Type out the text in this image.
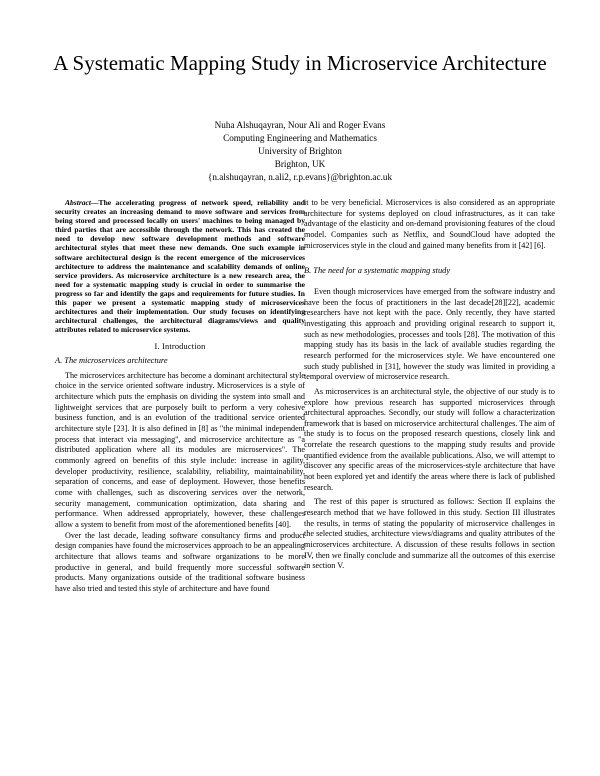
A Systematic Mapping Study in Microservice Architecture
Nuha Alshuqayran, Nour Ali and Roger Evans
Computing Engineering and Mathematics
University of Brighton
Brighton, UK
{n.alshuqayran, n.ali2, r.p.evans}@brighton.ac.uk

Abstract—The accelerating progress of network speed, reliability and security creates an increasing demand to move software and services from being stored and processed locally on users' machines to being managed by third parties that are accessible through the network. This has created the need to develop new software development methods and software architectural styles that meet these new demands. One such example in software architectural design is the recent emergence of the microservices architecture to address the maintenance and scalability demands of online service providers. As microservice architecture is a new research area, the need for a systematic mapping study is crucial in order to summarise the progress so far and identify the gaps and requirements for future studies. In this paper we present a systematic mapping study of microservices architectures and their implementation. Our study focuses on identifying architectural challenges, the architectural diagrams/views and quality attributes related to microservice systems.

I. Introduction

A. The microservices architecture

The microservices architecture has become a dominant architectural style choice in the service oriented software industry. Microservices is a style of architecture which puts the emphasis on dividing the system into small and lightweight services that are purposely built to perform a very cohesive business function, and is an evolution of the traditional service oriented architecture style [23]. It is also defined in [8] as "the minimal independent process that interact via messaging", and microservice architecture as "a distributed application where all its modules are microservices". The commonly agreed on benefits of this style include: increase in agility, developer productivity, resilience, scalability, reliability, maintainability, separation of concerns, and ease of deployment. However, those benefits come with challenges, such as discovering services over the network, security management, communication optimization, data sharing and performance. When addressed appropriately, however, these challenges allow a system to benefit from most of the aforementioned benefits [40].

Over the last decade, leading software consultancy firms and product design companies have found the microservices approach to be an appealing architecture that allows teams and software organizations to be more productive in general, and build frequently more successful software products. Many organizations outside of the traditional software business have also tried and tested this style of architecture and have found

it to be very beneficial. Microservices is also considered as an appropriate architecture for systems deployed on cloud infrastructures, as it can take advantage of the elasticity and on-demand provisioning features of the cloud model. Companies such as Netflix, and SoundCloud have adopted the microservices style in the cloud and gained many benefits from it [42] [6].

B. The need for a systematic mapping study

Even though microservices have emerged from the software industry and have been the focus of practitioners in the last decade[28][22], academic researchers have not kept with the pace. Only recently, they have started investigating this approach and providing original research to support it, such as new methodologies, processes and tools [28]. The motivation of this mapping study has its basis in the lack of available studies regarding the research performed for the microservices style. We have encountered one such study published in [31], however the study was limited in providing a temporal overview of microservice research.

As microservices is an architectural style, the objective of our study is to explore how previous research has supported microservices through architectural approaches. Secondly, our study will follow a characterization framework that is based on microservice architectural challenges. The aim of the study is to focus on the proposed research questions, closely link and correlate the research questions to the mapping study results and provide quantified evidence from the available publications. Also, we will attempt to discover any specific areas of the microservices-style architecture that have not been explored yet and identify the areas where there is lack of published research.

The rest of this paper is structured as follows: Section II explains the research method that we have followed in this study. Section III illustrates the results, in terms of stating the popularity of microservice challenges in the selected studies, architecture views/diagrams and quality attributes of the microservices architecture. A discussion of these results follows in section IV, then we finally conclude and summarize all the outcomes of this exercise in section V.
